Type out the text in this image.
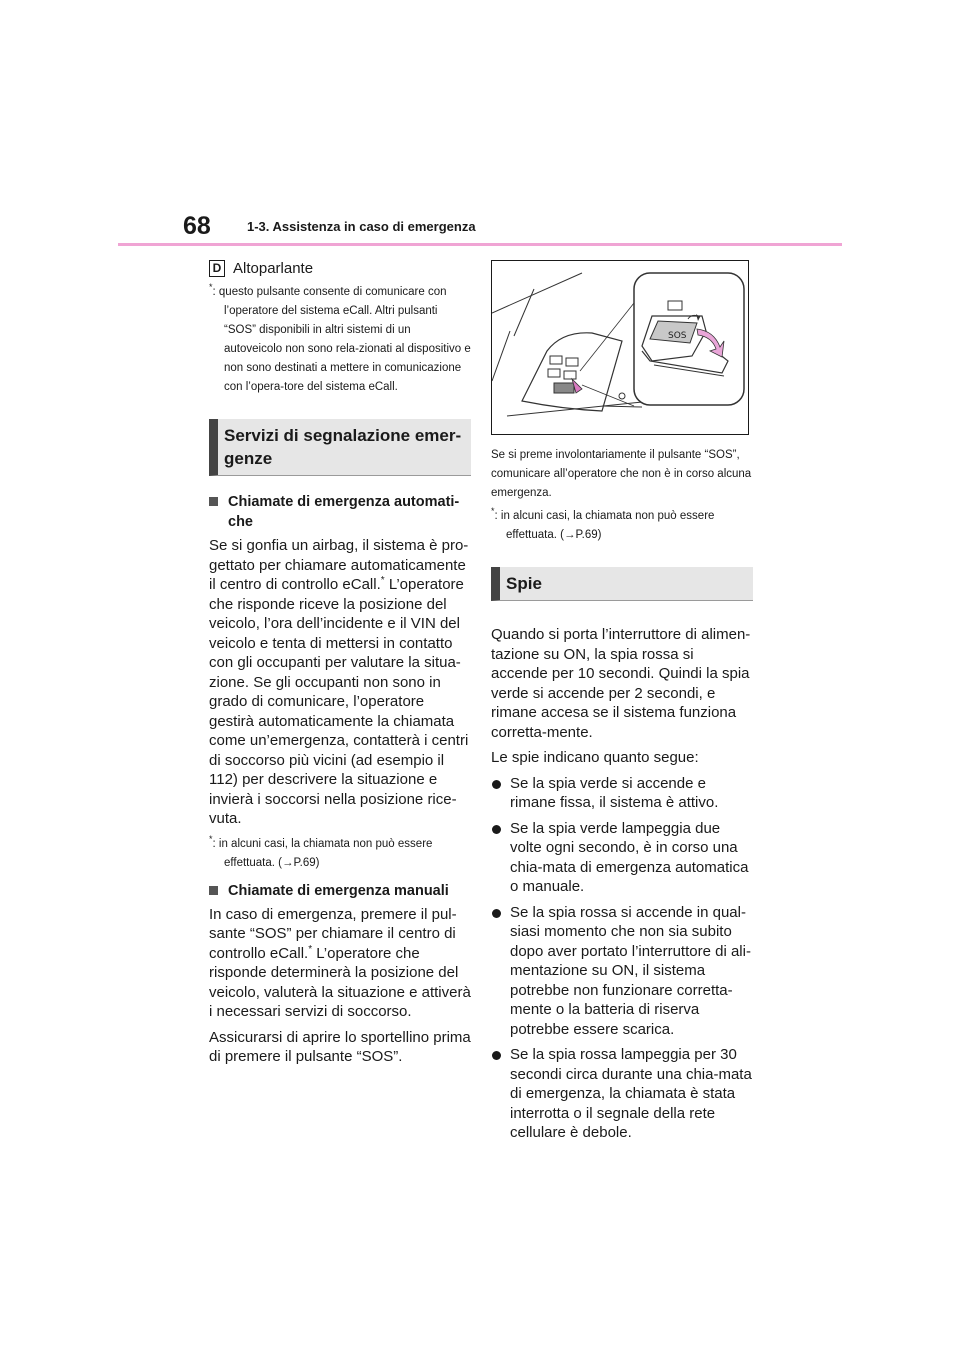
68	1-3. Assistenza in caso di emergenza
D Altoparlante

*: questo pulsante consente di comunicare con l’operatore del sistema eCall. Altri pulsanti “SOS” disponibili in altri sistemi di un autoveicolo non sono rela-zionati al dispositivo e non sono destinati a mettere in comunicazione con l’opera-tore del sistema eCall.

Servizi di segnalazione emer-genze
Chiamate di emergenza automati-che

Se si gonfia un airbag, il sistema è pro-gettato per chiamare automaticamente il centro di controllo eCall.* L’operatore che risponde riceve la posizione del veicolo, l’ora dell’incidente e il VIN del veicolo e tenta di mettersi in contatto con gli occupanti per valutare la situa-zione. Se gli occupanti non sono in grado di comunicare, l’operatore gestirà automaticamente la chiamata come un’emergenza, contatterà i centri di soccorso più vicini (ad esempio il 112) per descrivere la situazione e invierà i soccorsi nella posizione rice-vuta.

*: in alcuni casi, la chiamata non può essere effettuata. (→P.69)

Chiamate di emergenza manuali

In caso di emergenza, premere il pul-sante “SOS” per chiamare il centro di controllo eCall.* L’operatore che risponde determinerà la posizione del veicolo, valuterà la situazione e attiverà i necessari servizi di soccorso.

Assicurarsi di aprire lo sportellino prima di premere il pulsante “SOS”.

SOS

Se si preme involontariamente il pulsante “SOS”, comunicare all’operatore che non è in corso alcuna emergenza.

*: in alcuni casi, la chiamata non può essere effettuata. (→P.69)

Spie

Quando si porta l’interruttore di alimen-tazione su ON, la spia rossa si accende per 10 secondi. Quindi la spia verde si accende per 2 secondi, e rimane accesa se il sistema funziona corretta-mente.

Le spie indicano quanto segue:

Se la spia verde si accende e rimane fissa, il sistema è attivo.
Se la spia verde lampeggia due volte ogni secondo, è in corso una chia-mata di emergenza automatica o manuale.
Se la spia rossa si accende in qual-siasi momento che non sia subito dopo aver portato l’interruttore di ali-mentazione su ON, il sistema potrebbe non funzionare corretta-mente o la batteria di riserva potrebbe essere scarica.
Se la spia rossa lampeggia per 30 secondi circa durante una chia-mata di emergenza, la chiamata è stata interrotta o il segnale della rete cellulare è debole.
